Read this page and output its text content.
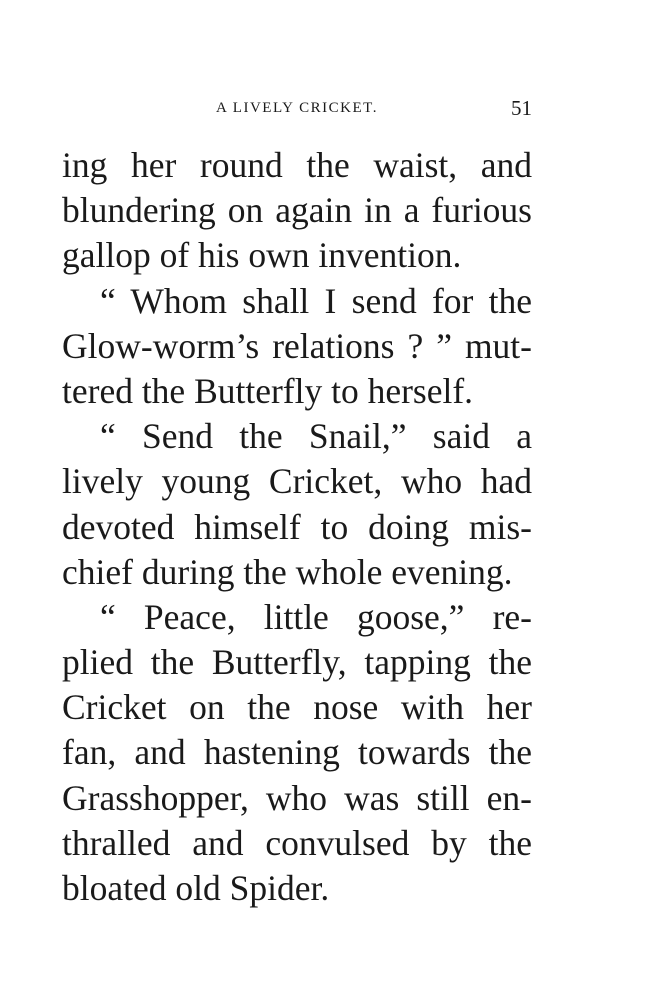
A LIVELY CRICKET.	51
ing her round the waist, and
blundering on again in a furious
gallop of his own invention.
“ Whom shall I send for the
Glow-worm’s relations ? ” mut-
tered the Butterfly to herself.
“ Send the Snail,” said a
lively young Cricket, who had
devoted himself to doing mis-
chief during the whole evening.
“ Peace, little goose,” re-
plied the Butterfly, tapping the
Cricket on the nose with her
fan, and hastening towards the
Grasshopper, who was still en-
thralled and convulsed by the
bloated old Spider.
